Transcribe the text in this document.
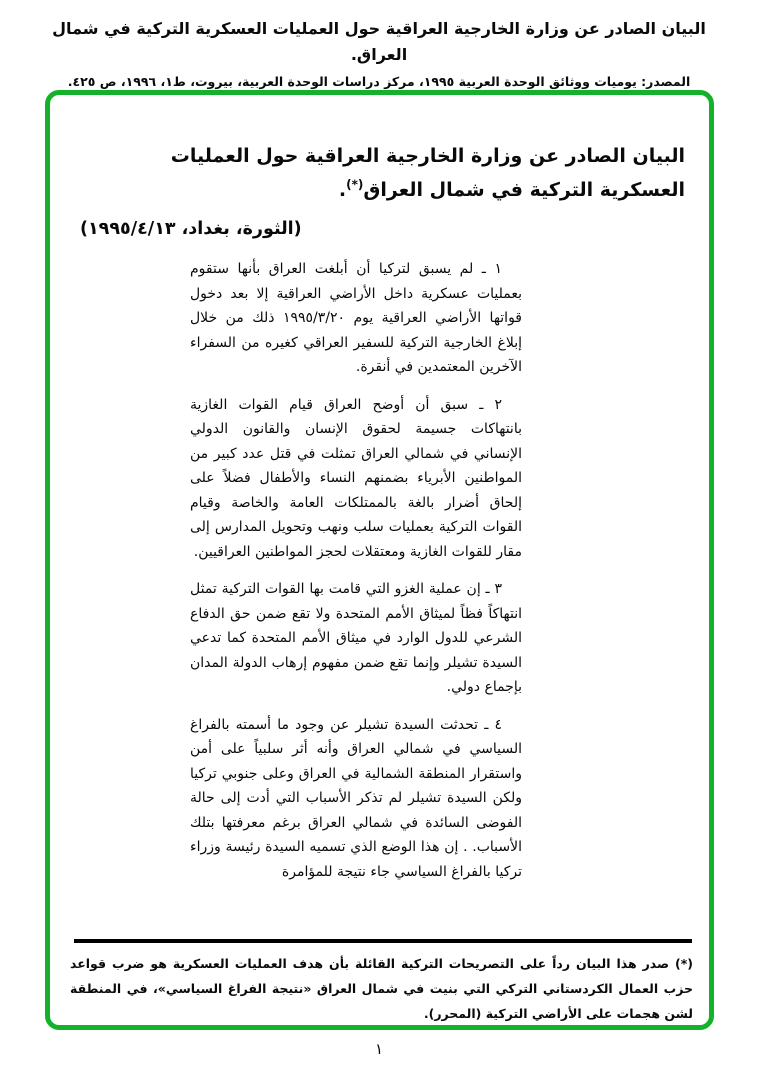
البيان الصادر عن وزارة الخارجية العراقية حول العمليات العسكرية التركية في شمال العراق.
المصدر: يوميات ووثائق الوحدة العربية ١٩٩٥، مركز دراسات الوحدة العربية، بيروت، ط١، ١٩٩٦، ص ٤٢٥.
البيان الصادر عن وزارة الخارجية العراقية حول العمليات العسكرية التركية في شمال العراق(*).
(الثورة، بغداد، ١٩٩٥/٤/١٣)

١ ـ لم يسبق لتركيا أن أبلغت العراق بأنها ستقوم بعمليات عسكرية داخل الأراضي العراقية إلا بعد دخول قواتها الأراضي العراقية يوم ١٩٩٥/٣/٢٠ ذلك من خلال إبلاغ الخارجية التركية للسفير العراقي كغيره من السفراء الآخرين المعتمدين في أنقرة.

٢ ـ سبق أن أوضح العراق قيام القوات الغازية بانتهاكات جسيمة لحقوق الإنسان والقانون الدولي الإنساني في شمالي العراق تمثلت في قتل عدد كبير من المواطنين الأبرياء بضمنهم النساء والأطفال فضلاً على إلحاق أضرار بالغة بالممتلكات العامة والخاصة وقيام القوات التركية بعمليات سلب ونهب وتحويل المدارس إلى مقار للقوات الغازية ومعتقلات لحجز المواطنين العراقيين.

٣ ـ إن عملية الغزو التي قامت بها القوات التركية تمثل انتهاكاً فظاً لميثاق الأمم المتحدة ولا تقع ضمن حق الدفاع الشرعي للدول الوارد في ميثاق الأمم المتحدة كما تدعي السيدة تشيلر وإنما تقع ضمن مفهوم إرهاب الدولة المدان بإجماع دولي.

٤ ـ تحدثت السيدة تشيلر عن وجود ما أسمته بالفراغ السياسي في شمالي العراق وأنه أثر سلبياً على أمن واستقرار المنطقة الشمالية في العراق وعلى جنوبي تركيا ولكن السيدة تشيلر لم تذكر الأسباب التي أدت إلى حالة الفوضى السائدة في شمالي العراق برغم معرفتها بتلك الأسباب. . إن هذا الوضع الذي تسميه السيدة رئيسة وزراء تركيا بالفراغ السياسي جاء نتيجة للمؤامرة

(*) صدر هذا البيان رداً على التصريحات التركية القائلة بأن هدف العمليات العسكرية هو ضرب قواعد حزب العمال الكردستاني التركي التي بنيت في شمال العراق «نتيجة الفراغ السياسي»، في المنطقة لشن هجمات على الأراضي التركية (المحرر).
١
